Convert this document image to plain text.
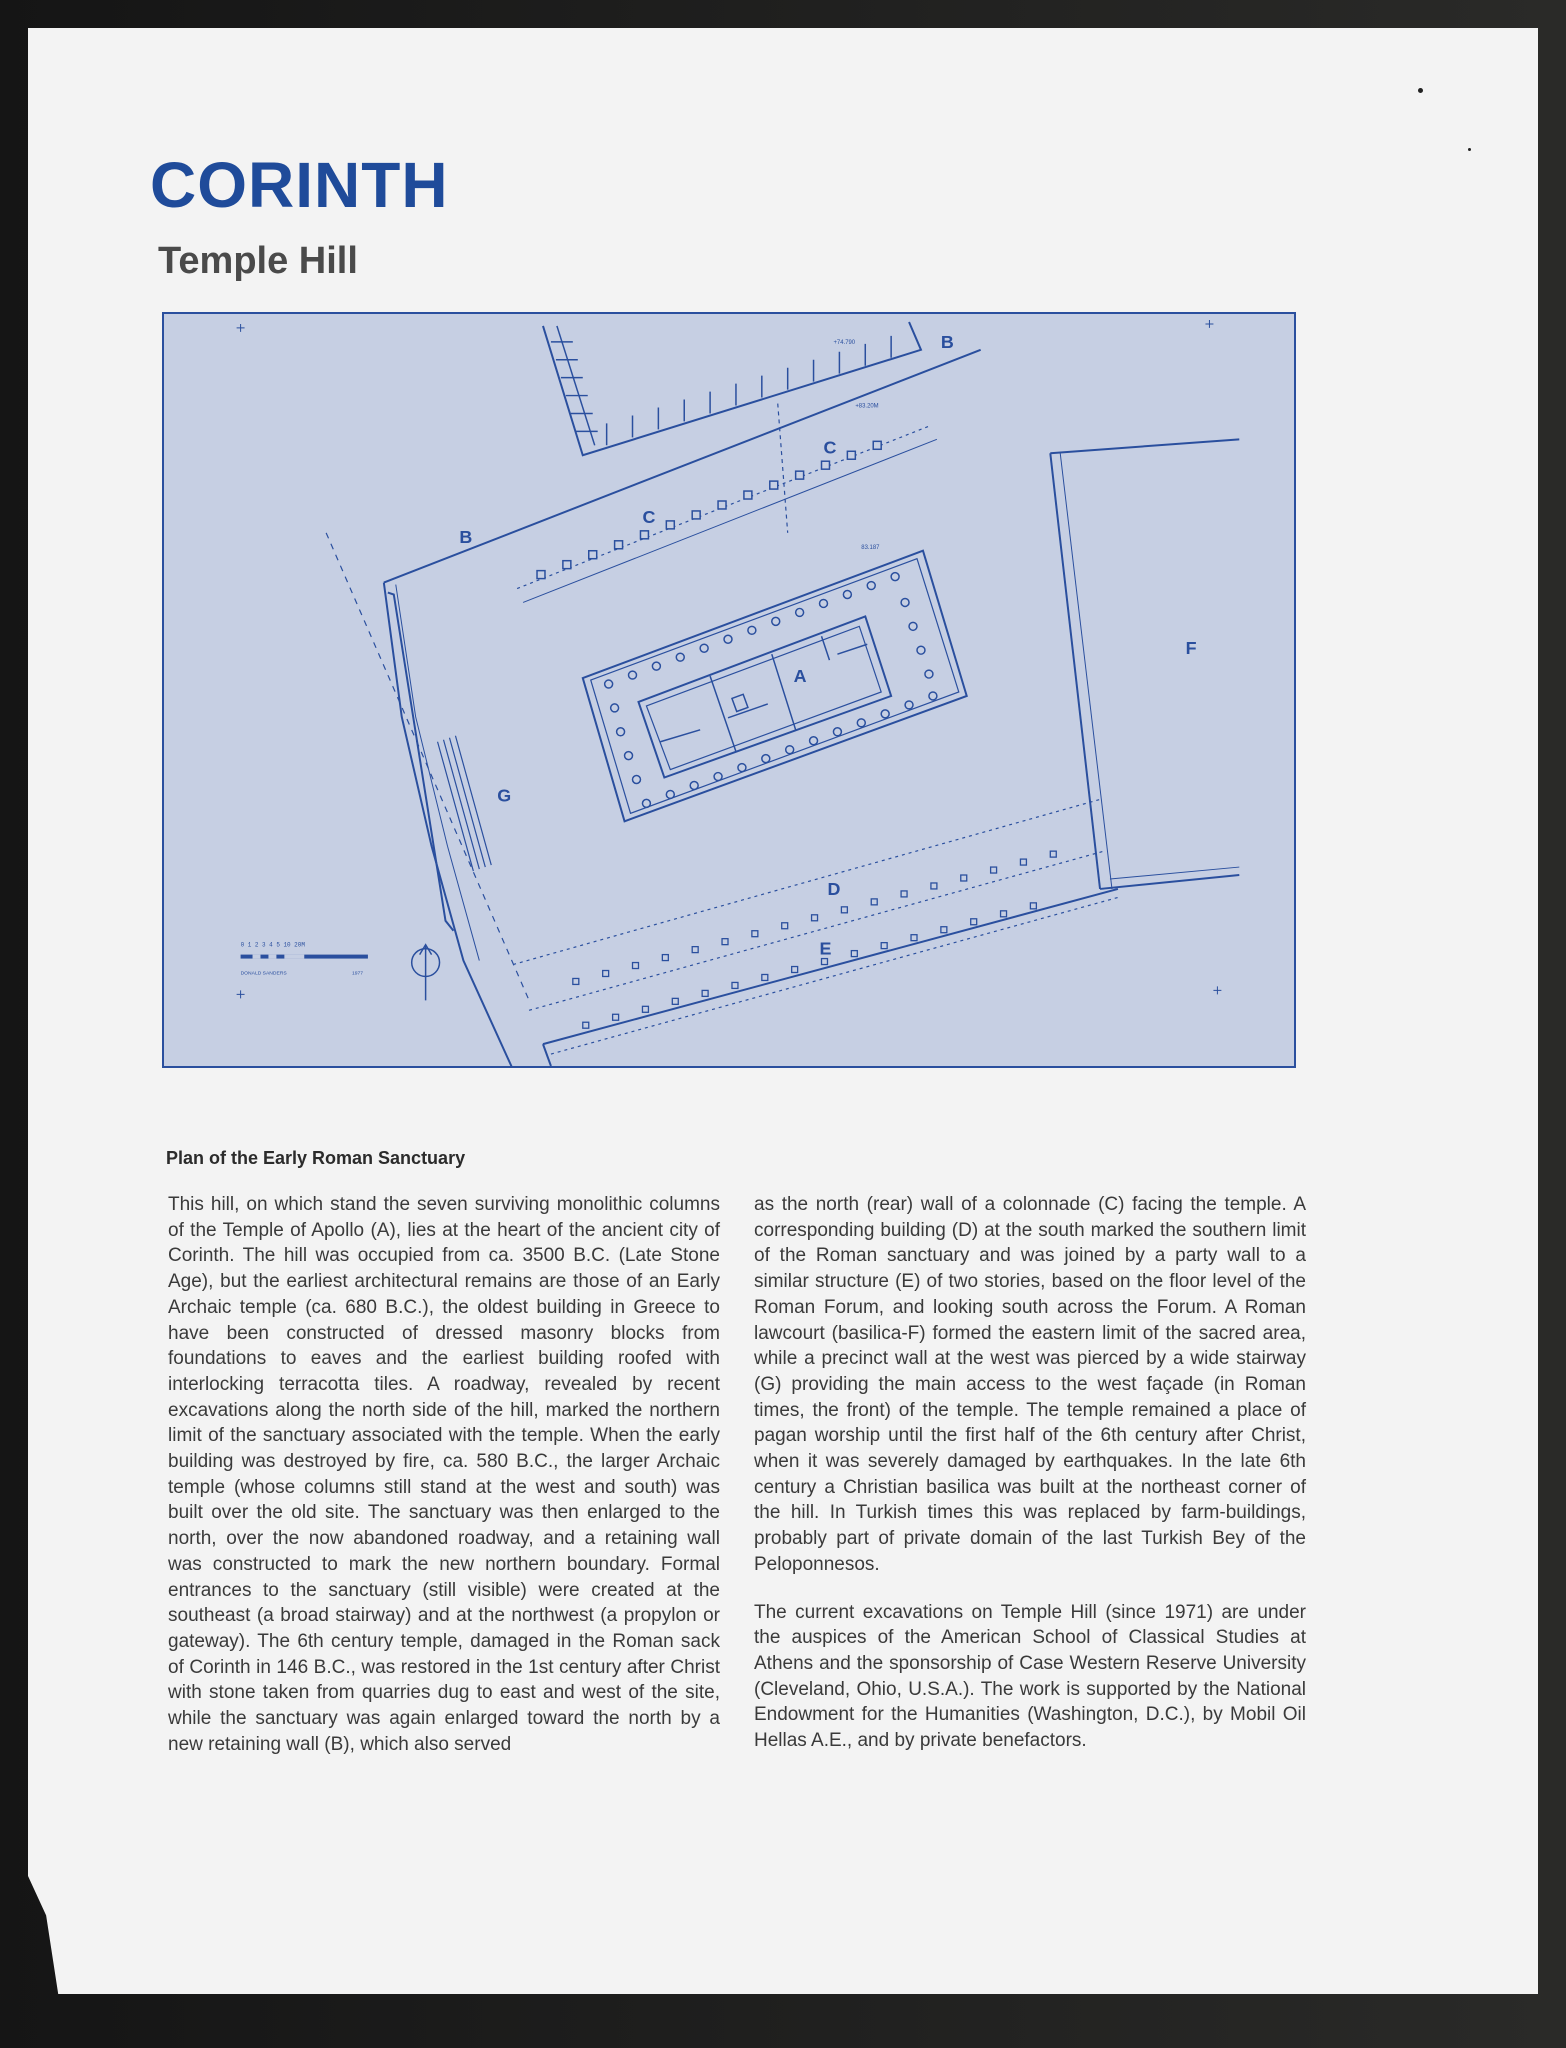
CORINTH
Temple Hill
0 1 2 3 4 5 10 20M
DONALD SANDERS	1977
+74.790
+83.20M
83.187
A
B
B
C
C
D
E
F
G

Plan of the Early Roman Sanctuary

This hill, on which stand the seven surviving monolithic columns of the Temple of Apollo (A), lies at the heart of the ancient city of Corinth. The hill was occupied from ca. 3500 B.C. (Late Stone Age), but the earliest architectural remains are those of an Early Archaic temple (ca. 680 B.C.), the oldest building in Greece to have been constructed of dressed masonry blocks from foundations to eaves and the earliest building roofed with interlocking terracotta tiles. A roadway, revealed by recent excavations along the north side of the hill, marked the northern limit of the sanctuary associated with the temple. When the early building was destroyed by fire, ca. 580 B.C., the larger Archaic temple (whose columns still stand at the west and south) was built over the old site. The sanctuary was then enlarged to the north, over the now abandoned roadway, and a retaining wall was constructed to mark the new northern boundary. Formal entrances to the sanctuary (still visible) were created at the southeast (a broad stairway) and at the northwest (a propylon or gateway). The 6th century temple, damaged in the Roman sack of Corinth in 146 B.C., was restored in the 1st century after Christ with stone taken from quarries dug to east and west of the site, while the sanctuary was again enlarged toward the north by a new retaining wall (B), which also served

as the north (rear) wall of a colonnade (C) facing the temple. A corresponding building (D) at the south marked the southern limit of the Roman sanctuary and was joined by a party wall to a similar structure (E) of two stories, based on the floor level of the Roman Forum, and looking south across the Forum. A Roman lawcourt (basilica-F) formed the eastern limit of the sacred area, while a precinct wall at the west was pierced by a wide stairway (G) providing the main access to the west façade (in Roman times, the front) of the temple. The temple remained a place of pagan worship until the first half of the 6th century after Christ, when it was severely damaged by earthquakes. In the late 6th century a Christian basilica was built at the northeast corner of the hill. In Turkish times this was replaced by farm-buildings, probably part of private domain of the last Turkish Bey of the Peloponnesos.

The current excavations on Temple Hill (since 1971) are under the auspices of the American School of Classical Studies at Athens and the sponsorship of Case Western Reserve University (Cleveland, Ohio, U.S.A.). The work is supported by the National Endowment for the Humanities (Washington, D.C.), by Mobil Oil Hellas A.E., and by private benefactors.
